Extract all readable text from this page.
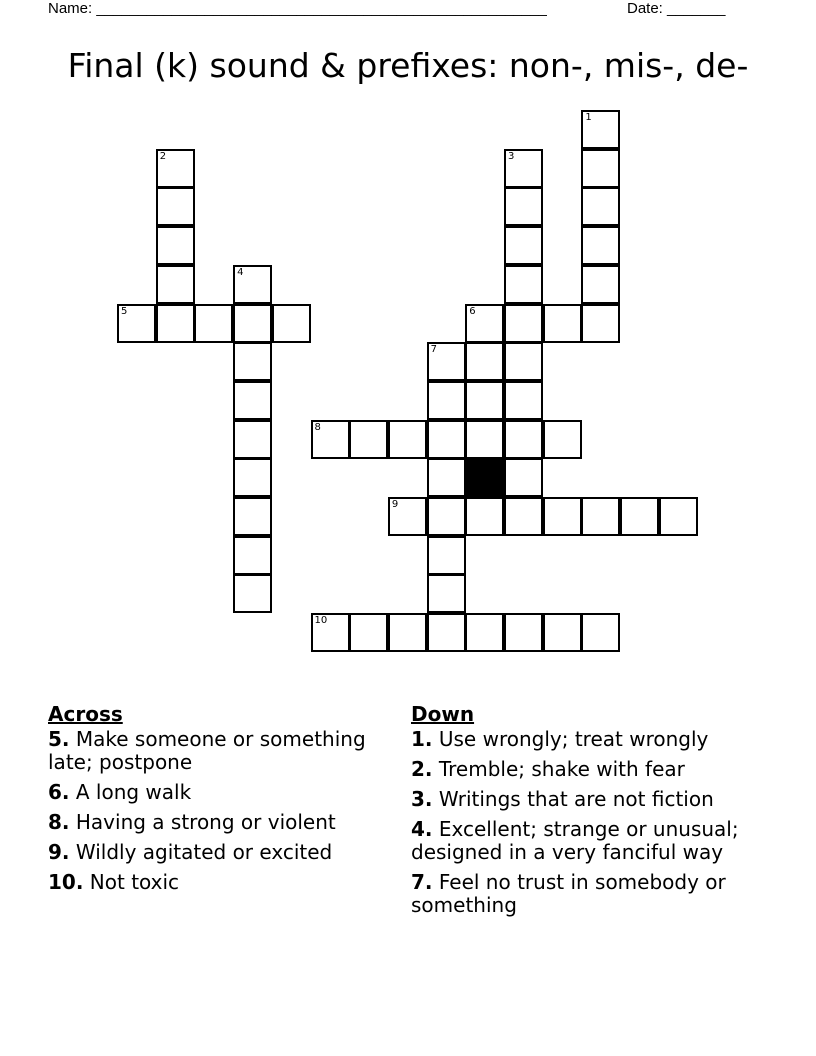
Name: ______________________________________________________	Date: _______
Final (k) sound & prefixes: non-, mis-, de-
1
2	3
4
5	6
7
8
9
10
Across
5. Make someone or something late; postpone
6. A long walk
8. Having a strong or violent
9. Wildly agitated or excited
10. Not toxic
Down
1. Use wrongly; treat wrongly
2. Tremble; shake with fear
3. Writings that are not fiction
4. Excellent; strange or unusual; designed in a very fanciful way
7. Feel no trust in somebody or something
